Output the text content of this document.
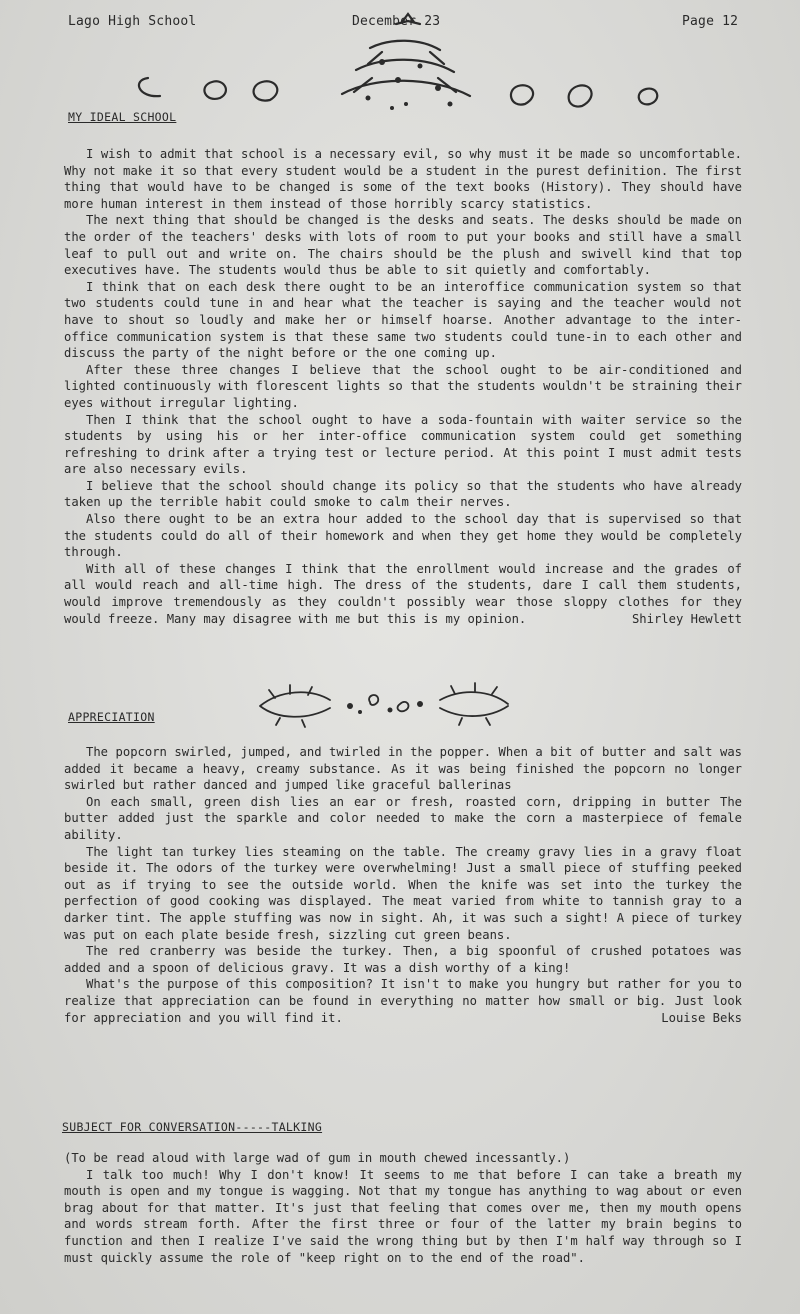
Lago High School	December 23	Page 12
MY IDEAL SCHOOL

I wish to admit that school is a necessary evil, so why must it be made so uncomfortable. Why not make it so that every student would be a student in the purest definition. The first thing that would have to be changed is some of the text books (History). They should have more human interest in them instead of those horribly scarcy statistics.

The next thing that should be changed is the desks and seats. The desks should be made on the order of the teachers' desks with lots of room to put your books and still have a small leaf to pull out and write on. The chairs should be the plush and swivell kind that top executives have. The students would thus be able to sit quietly and comfortably.

I think that on each desk there ought to be an interoffice communication system so that two students could tune in and hear what the teacher is saying and the teacher would not have to shout so loudly and make her or himself hoarse. Another advantage to the inter-office communication system is that these same two students could tune-in to each other and discuss the party of the night before or the one coming up.

After these three changes I believe that the school ought to be air-conditioned and lighted continuously with florescent lights so that the students wouldn't be straining their eyes without irregular lighting.

Then I think that the school ought to have a soda-fountain with waiter service so the students by using his or her inter-office communication system could get something refreshing to drink after a trying test or lecture period. At this point I must admit tests are also necessary evils.

I believe that the school should change its policy so that the students who have already taken up the terrible habit could smoke to calm their nerves.

Also there ought to be an extra hour added to the school day that is supervised so that the students could do all of their homework and when they get home they would be completely through.

With all of these changes I think that the enrollment would increase and the grades of all would reach and all-time high. The dress of the students, dare I call them students, would improve tremendously as they couldn't possibly wear those sloppy clothes for they would freeze. Many may disagree with me but this is my opinion.	Shirley Hewlett
APPRECIATION

The popcorn swirled, jumped, and twirled in the popper. When a bit of butter and salt was added it became a heavy, creamy substance. As it was being finished the popcorn no longer swirled but rather danced and jumped like graceful ballerinas

On each small, green dish lies an ear or fresh, roasted corn, dripping in butter The butter added just the sparkle and color needed to make the corn a masterpiece of female ability.

The light tan turkey lies steaming on the table. The creamy gravy lies in a gravy float beside it. The odors of the turkey were overwhelming! Just a small piece of stuffing peeked out as if trying to see the outside world. When the knife was set into the turkey the perfection of good cooking was displayed. The meat varied from white to tannish gray to a darker tint. The apple stuffing was now in sight. Ah, it was such a sight! A piece of turkey was put on each plate beside fresh, sizzling cut green beans.

The red cranberry was beside the turkey. Then, a big spoonful of crushed potatoes was added and a spoon of delicious gravy. It was a dish worthy of a king!

What's the purpose of this composition? It isn't to make you hungry but rather for you to realize that appreciation can be found in everything no matter how small or big. Just look for appreciation and you will find it.	Louise Beks
SUBJECT FOR CONVERSATION-----TALKING
(To be read aloud with large wad of gum in mouth chewed incessantly.)

I talk too much! Why I don't know! It seems to me that before I can take a breath my mouth is open and my tongue is wagging. Not that my tongue has anything to wag about or even brag about for that matter. It's just that feeling that comes over me, then my mouth opens and words stream forth. After the first three or four of the latter my brain begins to function and then I realize I've said the wrong thing but by then I'm half way through so I must quickly assume the role of "keep right on to the end of the road".
